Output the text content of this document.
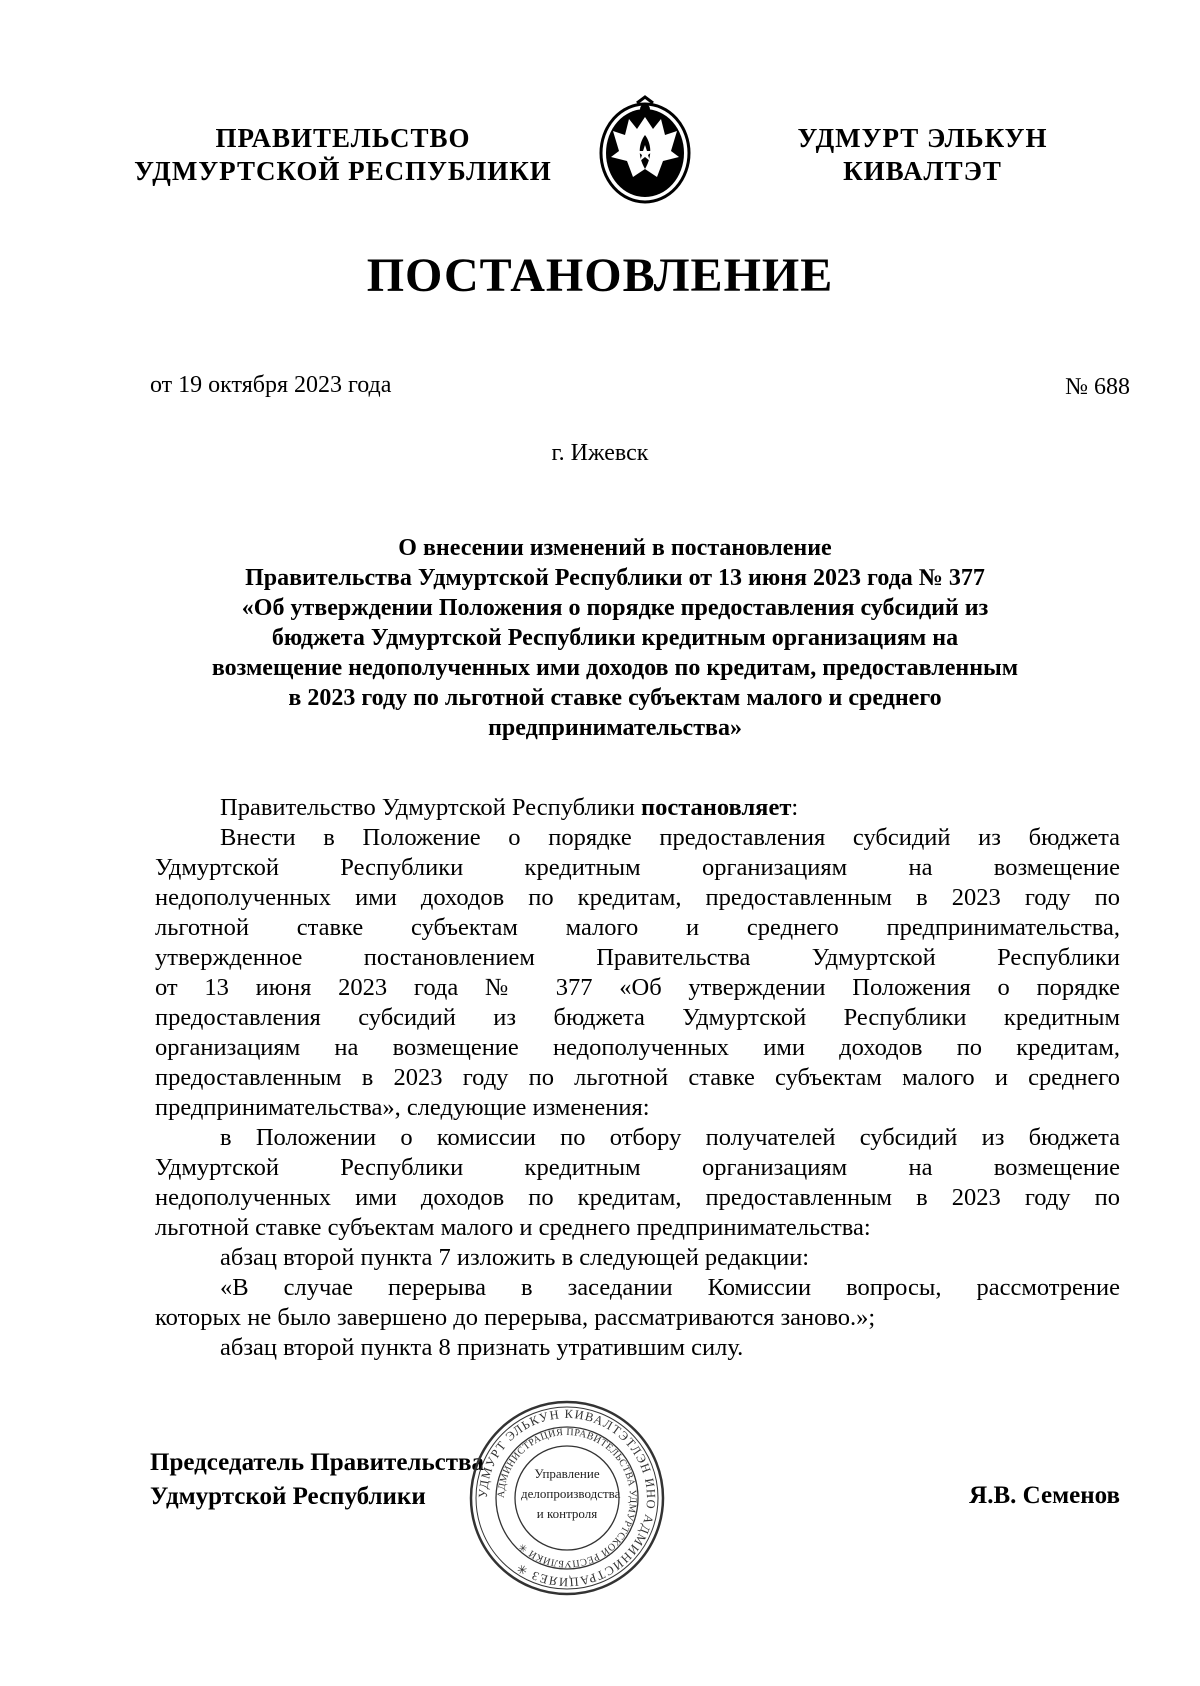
ПРАВИТЕЛЬСТВО
УДМУРТСКОЙ РЕСПУБЛИКИ
УДМУРТ ЭЛЬКУН
КИВАЛТЭТ
ПОСТАНОВЛЕНИЕ
от 19 октября 2023 года	№ 688
г. Ижевск
О внесении изменений в постановление
Правительства Удмуртской Республики от 13 июня 2023 года № 377
«Об утверждении Положения о порядке предоставления субсидий из
бюджета Удмуртской Республики кредитным организациям на
возмещение недополученных ими доходов по кредитам, предоставленным
в 2023 году по льготной ставке субъектам малого и среднего
предпринимательства»
Правительство Удмуртской Республики постановляет:
Внести в Положение о порядке предоставления субсидий из бюджета
Удмуртской Республики кредитным организациям на возмещение
недополученных ими доходов по кредитам, предоставленным в 2023 году по
льготной ставке субъектам малого и среднего предпринимательства,
утвержденное постановлением Правительства Удмуртской Республики
от 13 июня 2023 года № 377 «Об утверждении Положения о порядке
предоставления субсидий из бюджета Удмуртской Республики кредитным
организациям на возмещение недополученных ими доходов по кредитам,
предоставленным в 2023 году по льготной ставке субъектам малого и среднего
предпринимательства», следующие изменения:
в Положении о комиссии по отбору получателей субсидий из бюджета
Удмуртской Республики кредитным организациям на возмещение
недополученных ими доходов по кредитам, предоставленным в 2023 году по
льготной ставке субъектам малого и среднего предпринимательства:
абзац второй пункта 7 изложить в следующей редакции:
«В случае перерыва в заседании Комиссии вопросы, рассмотрение
которых не было завершено до перерыва, рассматриваются заново.»;
абзац второй пункта 8 признать утратившим силу.
Председатель Правительства
Удмуртской Республики	УДМУРТ ЭЛЬКУН КИВАЛТЭТЛЭН ИНО АДМИНИСТРАЦИЯЕЗ ✳
АДМИНИСТРАЦИЯ ПРАВИТЕЛЬСТВА УДМУРТСКОЙ РЕСПУБЛИКИ ✳
Управление
делопроизводства
и контроля
Я.В. Семенов
